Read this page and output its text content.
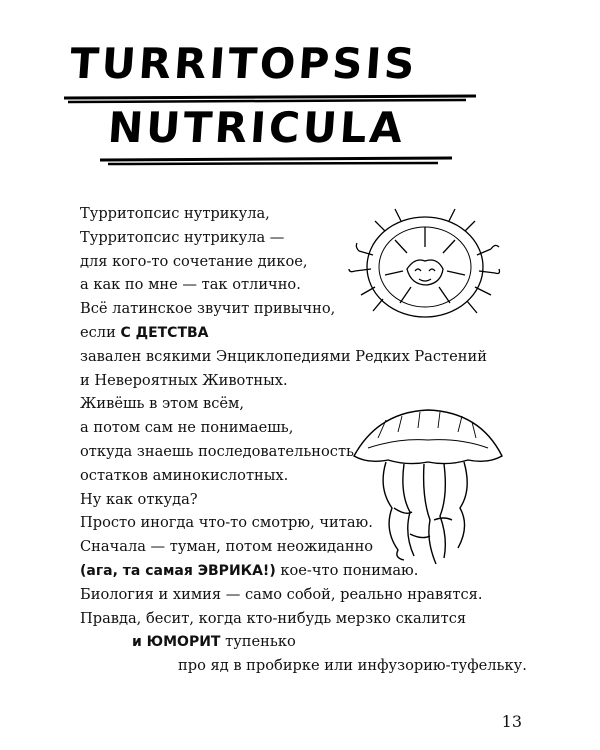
TURRITOPSIS
NUTRICULA
Турритопсис нутрикула,
Турритопсис нутрикула —
для кого-то сочетание дикое,
а как по мне — так отлично.
Всё латинское звучит привычно,
если С ДЕТСТВА
завален всякими Энциклопедиями Редких Растений
и Невероятных Животных.
Живёшь в этом всём,
а потом сам не понимаешь,
откуда знаешь последовательность
остатков аминокислотных.
Ну как откуда?
Просто иногда что-то смотрю, читаю.
Сначала — туман, потом неожиданно
(ага, та самая ЭВРИКА!) кое-что понимаю.
Биология и химия — само собой, реально нравятся.
Правда, бесит, когда кто-нибудь мерзко скалится
и ЮМОРИТ тупенько
про яд в пробирке или инфузорию-туфельку.
13
